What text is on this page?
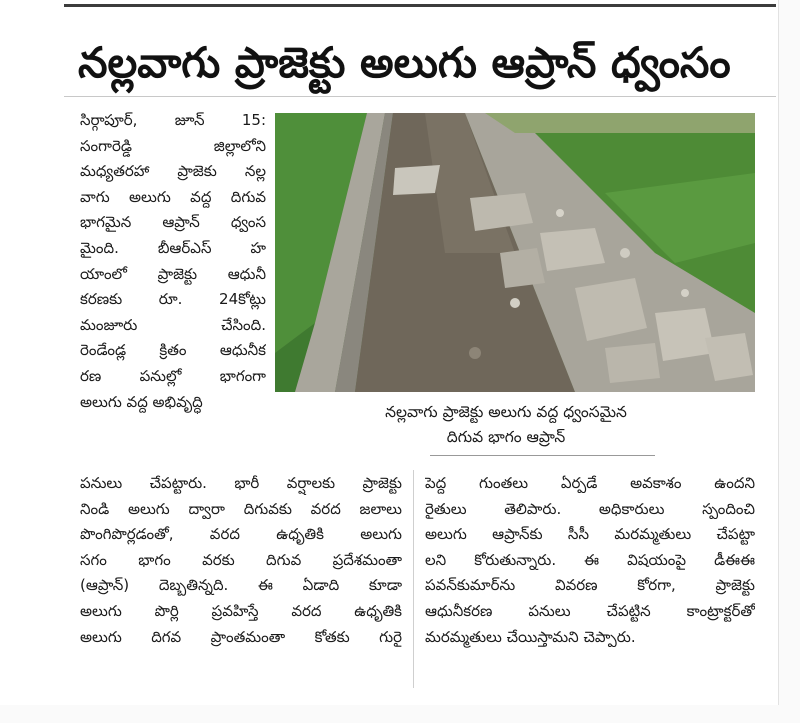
నల్లవాగు ప్రాజెక్టు అలుగు ఆప్రాన్ ధ్వంసం
సిర్గాపూర్, జూన్ 15:
సంగారెడ్డి జిల్లాలోని
మధ్యతరహా ప్రాజెకు నల్ల
వాగు అలుగు వద్ద దిగువ
భాగమైన ఆప్రాన్ ధ్వంస
మైంది. బీఆర్ఎస్ హ
యాంలో ప్రాజెక్టు ఆధునీ
కరణకు రూ. 24కోట్లు
మంజూరు చేసింది.
రెండేండ్ల క్రితం ఆధునీక
రణ పనుల్లో భాగంగా
అలుగు వద్ద అభివృద్ధి
నల్లవాగు ప్రాజెక్టు అలుగు వద్ద ధ్వంసమైన
దిగువ భాగం ఆప్రాన్
పనులు చేపట్టారు. భారీ వర్షాలకు ప్రాజెక్టు
నిండి అలుగు ద్వారా దిగువకు వరద జలాలు
పొంగిపొర్లడంతో, వరద ఉధృతికి అలుగు
సగం భాగం వరకు దిగువ ప్రదేశమంతా
(ఆప్రాన్) దెబ్బతిన్నది. ఈ ఏడాది కూడా
అలుగు పొర్లి ప్రవహిస్తే వరద ఉధృతికి
అలుగు దిగవ ప్రాంతమంతా కోతకు గురై
పెద్ద గుంతలు ఏర్పడే అవకాశం ఉందని
రైతులు తెలిపారు. అధికారులు స్పందించి
అలుగు ఆప్రాన్‌కు సీసీ మరమ్మతులు చేపట్టా
లని కోరుతున్నారు. ఈ విషయంపై డీఈఈ
పవన్‌కుమార్‌ను వివరణ కోరగా, ప్రాజెక్టు
ఆధునీకరణ పనులు చేపట్టిన కాంట్రాక్టర్‌తో
మరమ్మతులు చేయిస్తామని చెప్పారు.
